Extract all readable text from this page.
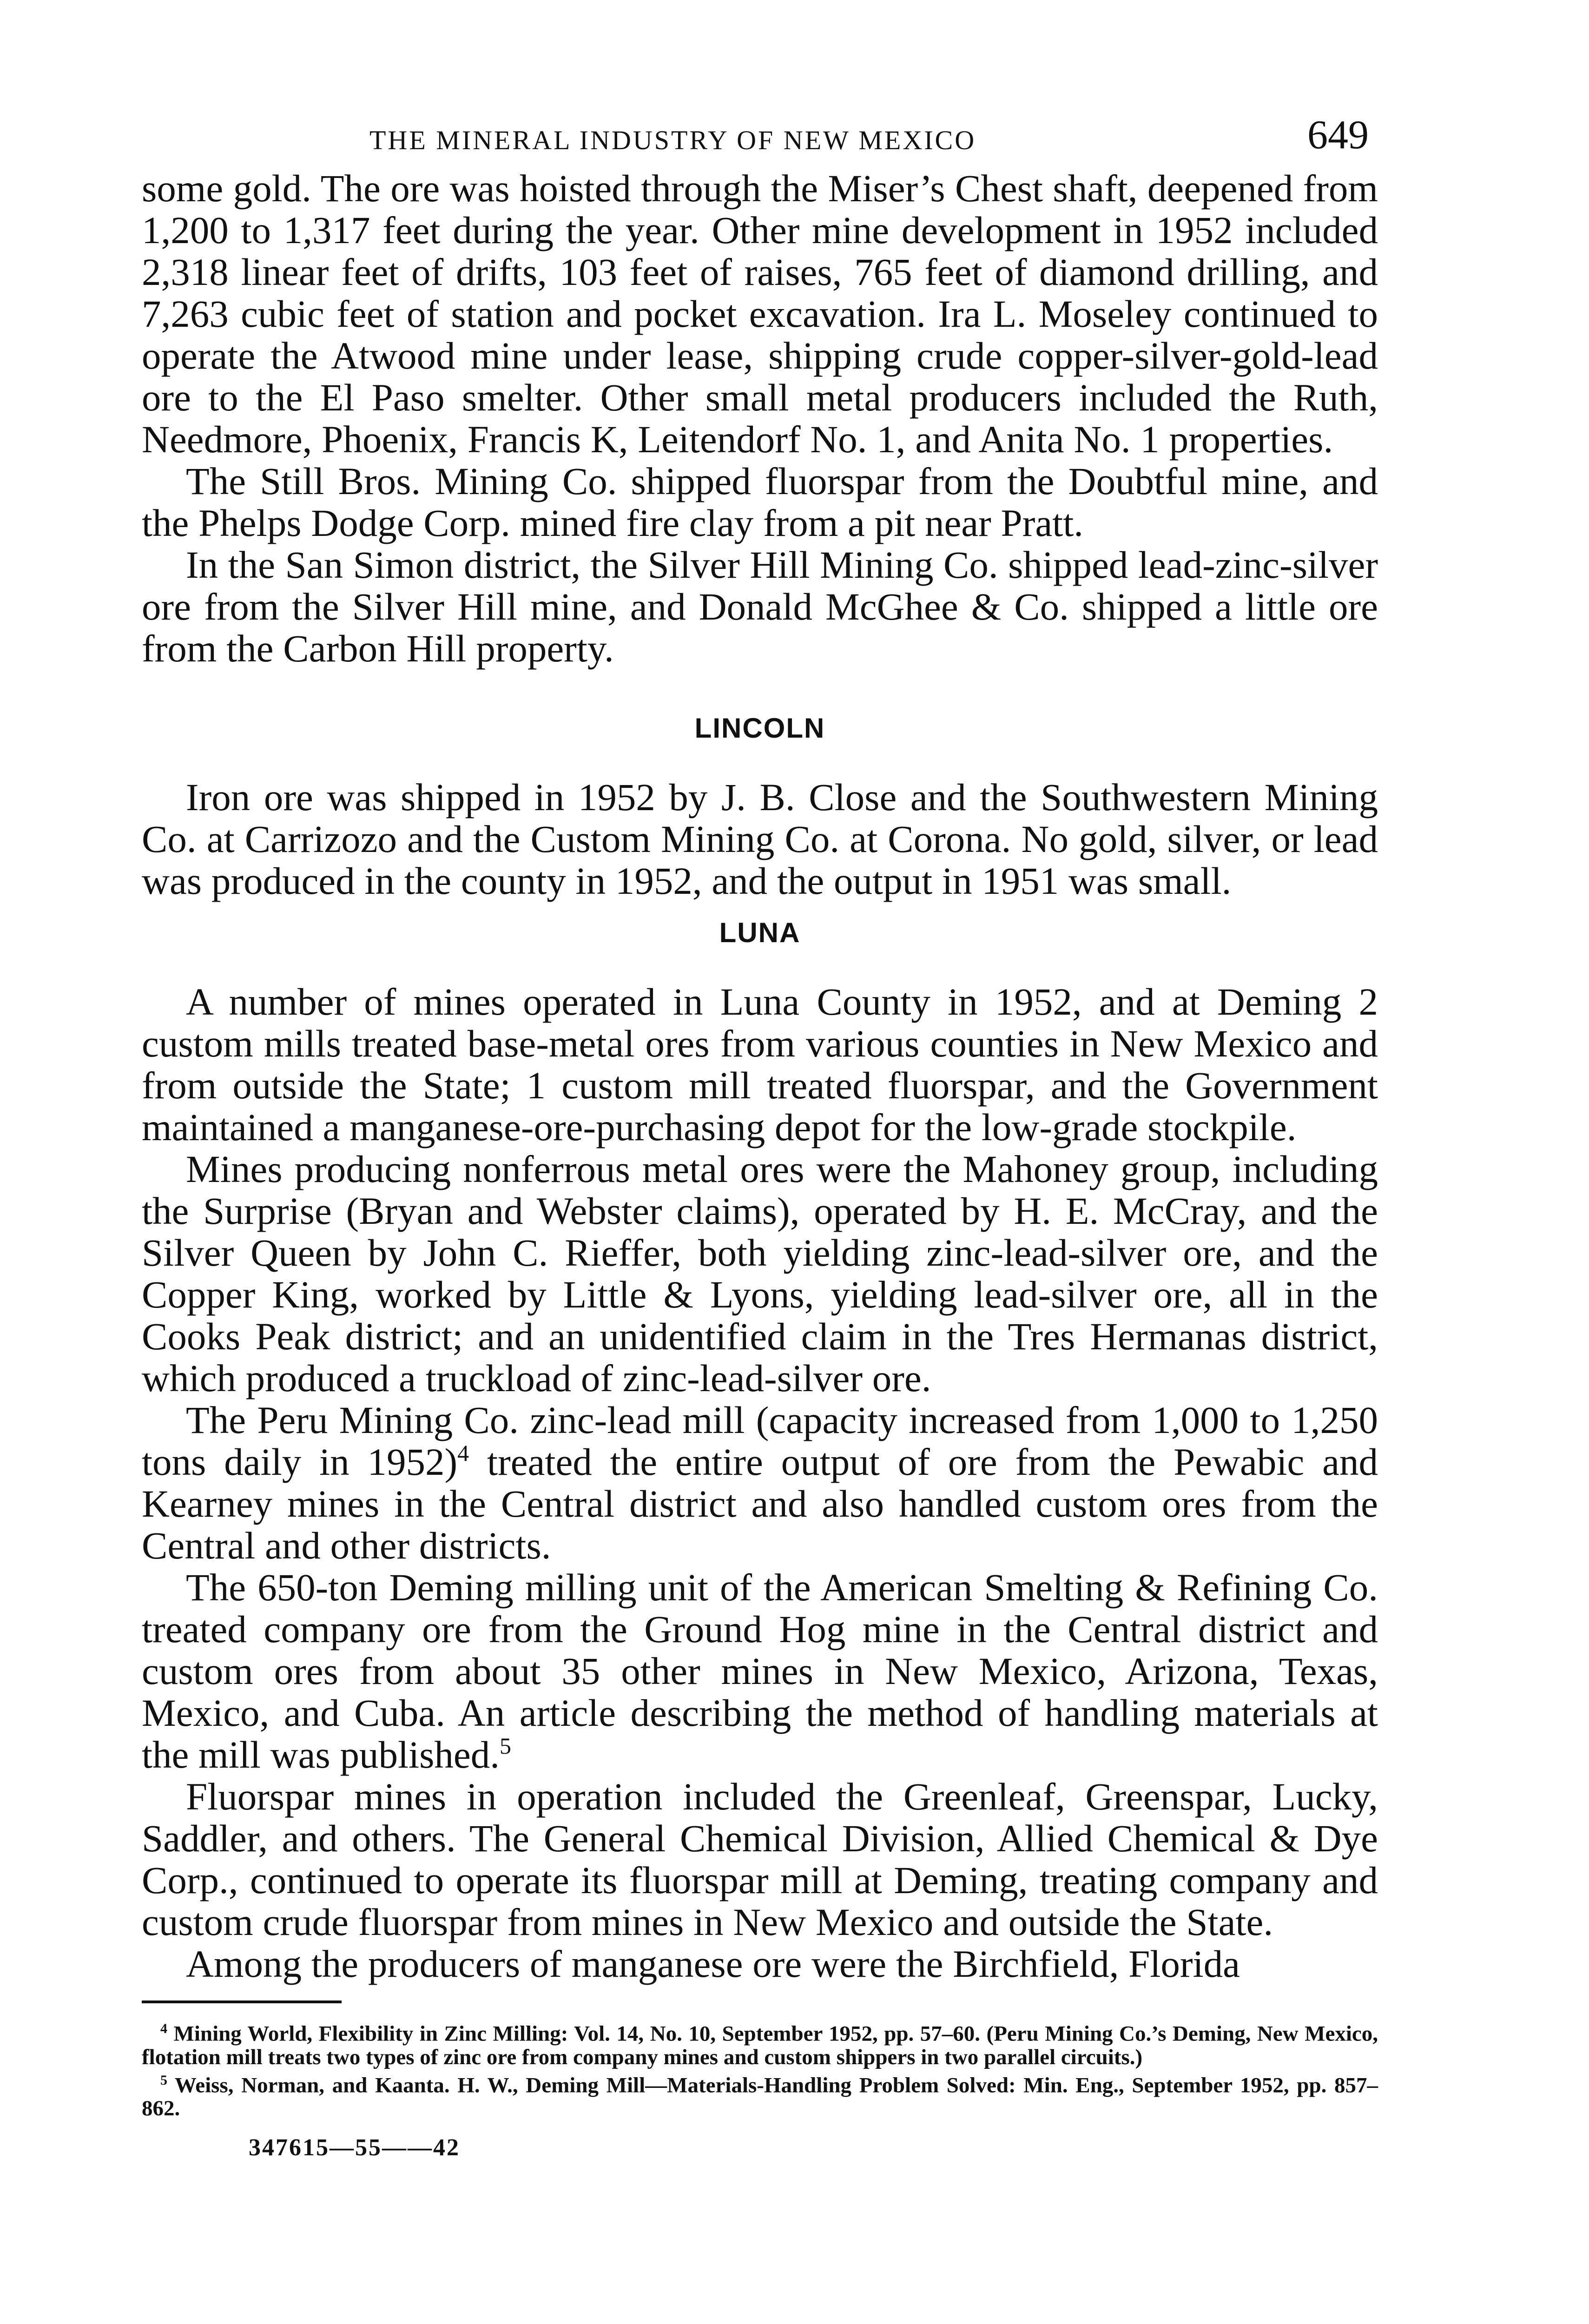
THE MINERAL INDUSTRY OF NEW MEXICO	649

some gold. The ore was hoisted through the Miser’s Chest shaft, deepened from 1,200 to 1,317 feet during the year. Other mine development in 1952 included 2,318 linear feet of drifts, 103 feet of raises, 765 feet of diamond drilling, and 7,263 cubic feet of station and pocket excavation. Ira L. Moseley continued to operate the Atwood mine under lease, shipping crude copper-silver-gold-lead ore to the El Paso smelter. Other small metal producers included the Ruth, Needmore, Phoenix, Francis K, Leitendorf No. 1, and Anita No. 1 properties.

The Still Bros. Mining Co. shipped fluorspar from the Doubtful mine, and the Phelps Dodge Corp. mined fire clay from a pit near Pratt.

In the San Simon district, the Silver Hill Mining Co. shipped lead-zinc-silver ore from the Silver Hill mine, and Donald McGhee & Co. shipped a little ore from the Carbon Hill property.

LINCOLN

Iron ore was shipped in 1952 by J. B. Close and the Southwestern Mining Co. at Carrizozo and the Custom Mining Co. at Corona. No gold, silver, or lead was produced in the county in 1952, and the output in 1951 was small.

LUNA

A number of mines operated in Luna County in 1952, and at Deming 2 custom mills treated base-metal ores from various counties in New Mexico and from outside the State; 1 custom mill treated fluorspar, and the Government maintained a manganese-ore-purchasing depot for the low-grade stockpile.

Mines producing nonferrous metal ores were the Mahoney group, including the Surprise (Bryan and Webster claims), operated by H. E. McCray, and the Silver Queen by John C. Rieffer, both yielding zinc-lead-silver ore, and the Copper King, worked by Little & Lyons, yielding lead-silver ore, all in the Cooks Peak district; and an unidentified claim in the Tres Hermanas district, which produced a truckload of zinc-lead-silver ore.

The Peru Mining Co. zinc-lead mill (capacity increased from 1,000 to 1,250 tons daily in 1952)$^4$ treated the entire output of ore from the Pewabic and Kearney mines in the Central district and also handled custom ores from the Central and other districts.

The 650-ton Deming milling unit of the American Smelting & Refining Co. treated company ore from the Ground Hog mine in the Central district and custom ores from about 35 other mines in New Mexico, Arizona, Texas, Mexico, and Cuba. An article describing the method of handling materials at the mill was published.$^5$

Fluorspar mines in operation included the Greenleaf, Greenspar, Lucky, Saddler, and others. The General Chemical Division, Allied Chemical & Dye Corp., continued to operate its fluorspar mill at Deming, treating company and custom crude fluorspar from mines in New Mexico and outside the State.

Among the producers of manganese ore were the Birchfield, Florida

$^4$ Mining World, Flexibility in Zinc Milling: Vol. 14, No. 10, September 1952, pp. 57–60. (Peru Mining Co.’s Deming, New Mexico, flotation mill treats two types of zinc ore from company mines and custom shippers in two parallel circuits.)

$^5$ Weiss, Norman, and Kaanta. H. W., Deming Mill—Materials-Handling Problem Solved: Min. Eng., September 1952, pp. 857–862.

347615—55——42
